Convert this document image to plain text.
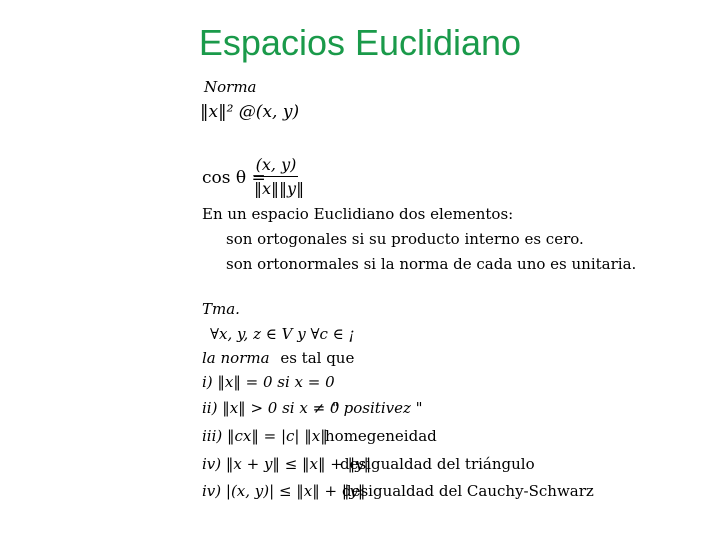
Espacios Euclidiano
Norma
‖x‖² @(x, y)
cos θ =
(x, y)
‖x‖‖y‖
En un espacio Euclidiano dos elementos:
son ortogonales si su producto interno es cero.
son ortonormales si la norma de cada uno es unitaria.
Tma.
∀x, y, z ∈ V y ∀c ∈ ¡
la norma es tal que
i) ‖x‖ = 0 si x = 0
ii) ‖x‖ > 0 si x ≠ 0
" positivez "
iii) ‖cx‖ = |c| ‖x‖
homegeneidad
iv) ‖x + y‖ ≤ ‖x‖ + ‖y‖
desigualdad del triángulo
iv) |(x, y)| ≤ ‖x‖ + ‖y‖
desigualdad del Cauchy-Schwarz
